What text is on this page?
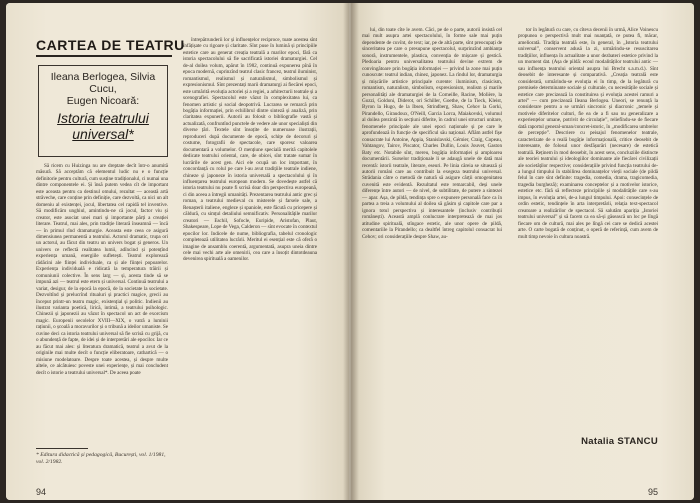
CARTEA DE TEATRU
Ileana Berlogea, Silvia Cucu,
Eugen Nicoară:
Istoria teatrului universal*

Să ricem cu Huizinga nu are dreptate decît într-o anumită măsură. Să acceptăm că elementul ludic nu e o funcție definitorie pentru cultură, cum susține tradiționalul, ci numai una dintre componentele ei. Și însă putem vedea cît de important este aceasta pentru ca destinul omului, rezultat — această artă străveche, care conține prin definiție, care dezvoltă, ca nici un alt domeniu al existenței, jocul, libertatea cel rapidă tel inventive. Să modificăm unghiul, amintindu-ne că jocul, factor viu și creator, este asociat unei mari și importante părți a creației literare. Teatrul, mai ales, prin tradiție literară înseamnă — încă — în primul rînd dramaturgie. Aceasta este ceea ce asigură dimensiunea permanentă a teatrului. Actorul dramatic, trupa ori un actorul, au făcut din teatru un univers bogat și generos. Un univers ce reflectă realitatea lumii, adîncind și potențînd experiența umană, energiile sufletești. Teatrul explorează rădăcini ale ființei individuale, ca și ale ființei popoarelor. Experiența individuală e ridicată la temperatura trăirii și comuniunii colective. În sens larg — și, acesta tinde să se impună azi — teatrul este etern și universal. Continuă teatrului a variat, desigur, de la epocă la epocă, de la societate la societate. Dezvoltînd și prelucrînd ritualuri și practici magice, grecii au început printr-un teatru magic, existențial și politic. Indienii au ilustrat varianta poetică, lirică, intimă, a teatrului psihologic. Chinezii și japonezii au văzut în spectacol un act de exorcism magic. Europenii secolelor XVIII—XIX, o vatră a luminii rațiunii, o școală a moravurilor și o tribună a ideilor umaniste. Se cuvine deci ca istoria teatrului universal să fie scrisă cu grijă, cu o abundență de fapte, de idei și de interpretări ale epocilor. Iar ce au făcut mai ales: și literatura dramatică, teatrul a avut de la originile mai multe decît o funcție eliberatoare, cathartică — o misiune modelatoare. Despre toate acestea, și despre multe altele, ce alcătuiesc poveste unei experiențe, și mai concludent decît o istorie a teatrului universal*. De aceea poate

întrepătrunderii lor și influențelor reciproce, toate acestea sînt înfățișate cu rigoare și claritate. Sînt puse în lumină și principiile estetice care au generat creația teatrală a marilor epoci, fără ca istoria spectacolului să fie sacrificată istoriei dramaturgiei. Cel de-al doilea volum, apărut în 1982, continuă expunerea pînă în epoca modernă, cuprinzînd teatrul clasic francez, teatrul iluminist, romantismul, realismul și naturalismul, simbolismul și expresionismul. Sînt prezentați marii dramaturgi ai fiecărei epoci, este urmărită evoluția actoriei și a regiei, a arhitecturii teatrale și a scenografiei. Spectacolul este văzut în complexitatea lui, ca fenomen artistic și social deopotrivă. Lucrarea se remarcă prin bogăția informației, prin echilibrul dintre sinteză și analiză, prin claritatea expunerii. Autorii au folosit o bibliografie vastă și actualizată, confruntînd punctele de vedere ale unor specialiști din diverse țări. Textele sînt însoțite de numeroase ilustrații, reproduceri după documente de epocă, schițe de decoruri și costume, fotografii de spectacole, care sporesc valoarea documentară a volumelor. O mențiune specială merită capitolele dedicate teatrului oriental, care, de obicei, sînt tratate sumar în lucrările de acest gen. Aici ele ocupă un loc important, în concordanță cu rolul pe care l-au avut tradițiile teatrale indiene, chineze și japoneze în istoria universală a spectacolului și în influențarea teatrului european modern. Se dovedește astfel că istoria teatrului nu poate fi scrisă doar din perspectiva europeană, ci din aceea a întregii umanități. Prezentarea teatrului antic grec și roman, a teatrului medieval cu misterele și farsele sale, a Renașterii italiene, engleze și spaniole, este făcută cu pricepere și căldură, cu simțul detaliului semnificativ. Personalitățile marilor creatori — Eschil, Sofocle, Euripide, Aristofan, Plaut, Shakespeare, Lope de Vega, Calderon — sînt evocate în contextul epocilor lor. Indicele de nume, bibliografia, tabelul cronologic completează utilitatea lucrării. Meritul ei esențial este că oferă o imagine de ansamblu coerentă, argumentată, asupra uneia dintre cele mai vechi arte ale omenirii, cea care a însoțit dintotdeauna devenirea spirituală a oamenilor.

* Editura didactică și pedagogică, București, vol. 1/1981, vol. 2/1982.
94

lui, din toate cîte le avem. Căci, pe de o parte, autorii insistă cel mai mult asupra artei spectacolului, în forme sale mai puțin dependente de cuvînt, de text; iar, pe de altă parte, sînt preocupați de sinceritatea pe care o presupune spectacolul, surprinzînd ambianța sonoră, instrumentele, plastica, convenția de mișcare și gestică. Pledoaria pentru universalitatea teatrului devine extrem de convingătoare prin bogăția informației — privind la zone mai puțin cunoscute: teatrul indian, chinez, japonez. La rîndul lor, dramaturgia și mișcările artistice principale curente: iluminism, clasicism, romantism, naturalism, simbolism, expresionism, realism și marile personalități ale dramaturgiei de la Corneille, Racine, Molière, la Gozzi, Goldoni, Diderot, ori Schiller, Goethe, de la Tieck, Kleist, Byron la Hugo, de la Ibsen, Strindberg, Shaw, Cehov la Gorki, Pirandello, Giraudoux, O'Neill, Garcia Lorca, Maiakovski, volumul al doilea prezintă în secțiuni diferite, în cadrul unei structuri unitare, fenomenele principale ale unei epoci naționale și pe care le aprofundează în funcție de specificul său național. Aflăm astfel fișe consacrate lui Antoine, Appia, Stanislavski, Gémier, Craig, Copeau, Vahtangov, Tairov, Piscator, Charles Dullin, Louis Jouvet, Gaston Baty etc. Notabile sînt, mereu, bogăția informației și amploarea documentării. Surselor tradiționale li se adaugă unele de dată mai recentă: istorii teatrale, literare, eseuri. Pe linia căreia se situează și autorii români care au contribuit la exegeza teatrului universal. Strădania către o metodă de natură să asigure cărții omogenitatea cuvenită este evidentă. Rezultatul este remarcabil, deși unele diferențe între autori — de nivel, de subtilitate, de putere a sintezei — apar. Așa, de pildă, tendința spre o expunere personală face ca în partea a treia a volumului al doilea să găsim și capitole care par a ignora totul perspectiva și interesantele (inclusiv contribuții românești). Această amplă conlucrare interpretează de mai jos atitudine spirituală, stîngace estetic, ale unor opere de pildă, comentariile la Pirandello; ca dealtfel întreg capitolul consacrat lui Cehov; ori considerațiile despre Shaw, au-

tor în legătură cu care, cu cîteva decenii în urmă, Alice Voinescu propunea o perspectivă mult mai nuanțată, ce putea fi, măcar, ameliorată. Tradiția teatrală este, în general, în „Istoria teatrului universal”, conservent adusă la zi, urmărindu-se resuscitarea tradițiilor, influența în actualitate a unor dezbateri estetice privind la un moment dat. (Așa de pildă: ecoul modalităților teatrului antic — sau influența teatrului oriental asupra lui Brecht s.a.m.d.). Sînt deosebit de interesante și comparativă. „Creația teatrală este considerată, urmărindu-se evoluția ei în timp, de la legătură cu premisele determinante sociale și culturale, cu necesitățile sociale și estetice care precizează la constituirea și evoluția acestei ramuri a artei” — cum precizează Ileana Berlogea. Uneori, se renunță la considerare pentru a se urmări sincronic și diacronic „temele și motivele diferitelor culturi, fie ea de a fi sau nu generalizare a experiențelor umane, potrivit de circulație”, reliefîndu-se de fiecare dată raportul general-uman/concret-istoric, în „modificarea umbrelor de percepție”. Descriere cu peisajul fenomenelor teatrale, caracterizate de o reală bogăție informațională, critice deosebit de interesante, de folosul unor desfășurări (necesare) de estetică teatrală. Reținem în mod deosebit, în acest sens, concluziile distincte ale teoriei teatrului și ideologiilor dominante ale fiecărei civilizații ale societăților respective; considerațiile privind funcția teatrului de-a lungul timpului în stabilirea dominanțelor vieții sociale (de pildă felul în care sînt definite: tragedia, comedia, drama, tragicomedia, tragedia burgheză); examinarea conceptelor și a motivelor istorice, estetice etc. fără să reflecteze principiile și modalitățile care s-au impus, în evoluția artei, de-a lungul timpului. Apoi: consecințele de ordin estetic, tendințele în arta interpretării, relația text-spectacol creatoare a realizărilor de spectacol. Să salutăm apariția „Istoriei teatrului universal” și să facem ca ea să-și găsească un loc pe lîngă fiecare om de cultură, mai ales pe lîngă cei care se dedică acestei arte. O carte bogată de conținut, o operă de referință, cum avem de mult timp nevoie în cultura noastră.

Natalia STANCU
95
